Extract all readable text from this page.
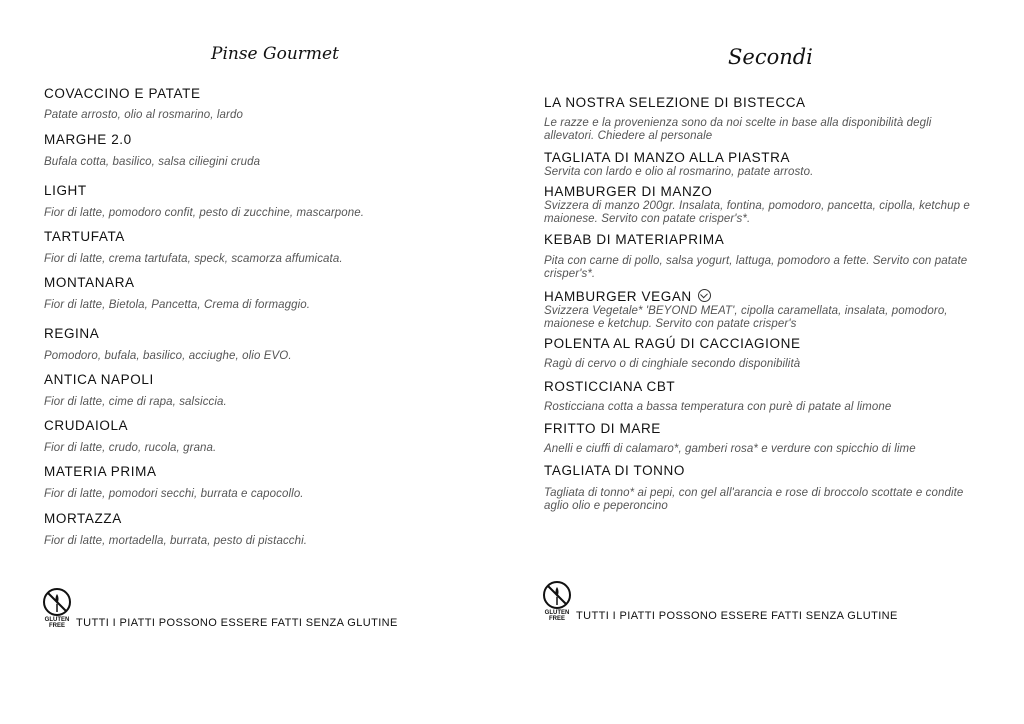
Pinse Gourmet

COVACCINO E PATATE

Patate arrosto, olio al rosmarino, lardo

MARGHE 2.0

Bufala cotta, basilico, salsa ciliegini cruda

LIGHT

Fior di latte, pomodoro confit, pesto di zucchine, mascarpone.

TARTUFATA

Fior di latte, crema tartufata, speck, scamorza affumicata.

MONTANARA

Fior di latte, Bietola, Pancetta, Crema di formaggio.

REGINA

Pomodoro, bufala, basilico, acciughe, olio EVO.

ANTICA NAPOLI

Fior di latte, cime di rapa, salsiccia.

CRUDAIOLA

Fior di latte, crudo, rucola, grana.

MATERIA PRIMA

Fior di latte, pomodori secchi, burrata e capocollo.

MORTAZZA

Fior di latte, mortadella, burrata, pesto di pistacchi.

GLUTEN
FREE TUTTI I PIATTI POSSONO ESSERE FATTI SENZA GLUTINE
Secondi

LA NOSTRA SELEZIONE DI BISTECCA

Le razze e la provenienza sono da noi scelte in base alla disponibilità degli allevatori. Chiedere al personale

TAGLIATA DI MANZO ALLA PIASTRA

Servita con lardo e olio al rosmarino, patate arrosto.

HAMBURGER DI MANZO

Svizzera di manzo 200gr. Insalata, fontina, pomodoro, pancetta, cipolla, ketchup e maionese. Servito con patate crisper's*.

KEBAB DI MATERIAPRIMA

Pita con carne di pollo, salsa yogurt, lattuga, pomodoro a fette. Servito con patate crisper's*.

HAMBURGER VEGAN

Svizzera Vegetale* 'BEYOND MEAT', cipolla caramellata, insalata, pomodoro, maionese e ketchup. Servito con patate crisper's

POLENTA AL RAGÚ DI CACCIAGIONE

Ragù di cervo o di cinghiale secondo disponibilità

ROSTICCIANA CBT

Rosticciana cotta a bassa temperatura con purè di patate al limone

FRITTO DI MARE

Anelli e ciuffi di calamaro*, gamberi rosa* e verdure con spicchio di lime

TAGLIATA DI TONNO

Tagliata di tonno* ai pepi, con gel all'arancia e rose di broccolo scottate e condite aglio olio e peperoncino

GLUTEN
FREE TUTTI I PIATTI POSSONO ESSERE FATTI SENZA GLUTINE
